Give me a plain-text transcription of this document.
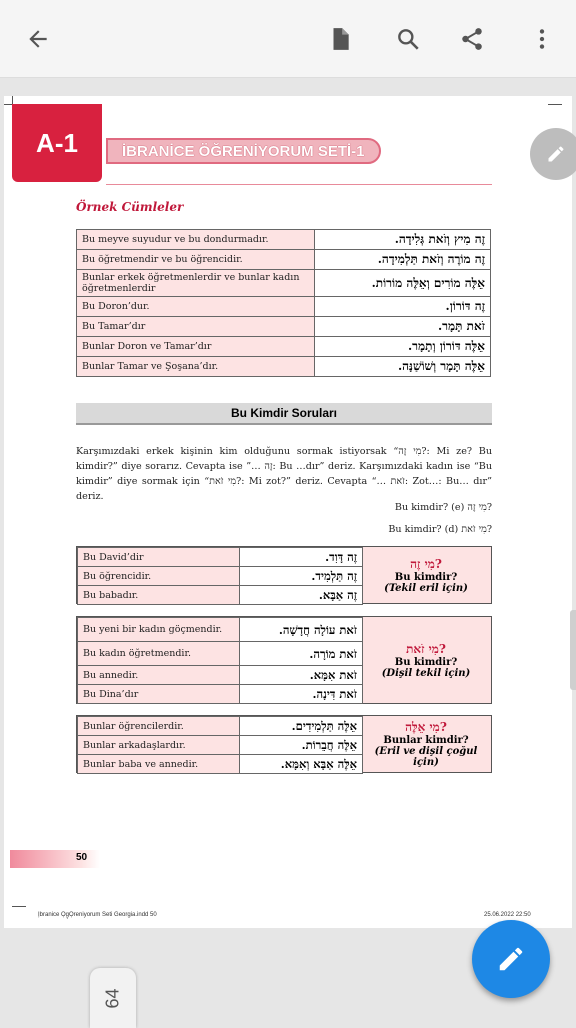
A-1	İBRANİCE ÖĞRENİYORUM SETİ-1
Örnek Cümleler
Bu meyve suyudur ve bu dondurmadır.	זֶה מִיץ וְזֹאת גְּלִידָה.
Bu öğretmendir ve bu öğrencidir.	זֶה מוֹרֶה וְזֹאת תַּלְמִידָה.
Bunlar erkek öğretmenlerdir ve bunlar kadın öğretmenlerdir	אֵלֶּה מוֹרִים וְאֵלֶּה מוֹרוֹת.
Bu Doron’dur.	זֶה דּוֹרוֹן.
Bu Tamar’dır	זֹאת תָּמָר.
Bunlar Doron ve Tamar’dır	אֵלֶּה דּוֹרוֹן וְתָמָר.
Bunlar Tamar ve Şoşana’dır.	אֵלֶּה תָּמָר וְשׁוֹשַׁנָּה.
Bu Kimdir Soruları
Karşımızdaki erkek kişinin kim olduğunu sormak istiyorsak “מִי זֶה?: Mi ze? Bu kimdir?” diye sorarız. Cevapta ise ”… זֶה: Bu …dır” deriz. Karşımızdaki kadın ise “Bu kimdir” diye sormak için “מִי זֹאת?: Mi zot?” deriz. Cevapta “… זֹאת: Zot…: Bu… dır” deriz.
Bu kimdir? (e) מִי זֶה?
Bu kimdir? (d) מִי זֹאת?
Bu David’dir	זֶה דָּוִד.
Bu öğrencidir.	זֶה תַּלְמִיד.
Bu babadır.	זֶה אַבָּא.
מִי זֶה?
Bu kimdir?
(Tekil eril için)
Bu yeni bir kadın göçmendir.	זֹאת עוֹלָה חֲדָשָׁה.
Bu kadın öğretmendir.	זֹאת מוֹרָה.
Bu annedir.	זֹאת אִמָּא.
Bu Dina’dır	זֹאת דִּינָה.
מִי זֹאת?
Bu kimdir?
(Dişil tekil için)
Bunlar öğrencilerdir.	אֵלֶּה תַּלְמִידִים.
Bunlar arkadaşlardır.	אֵלֶּה חֲבֵרוֹת.
Bunlar baba ve annedir.	אֵלֶּה אַבָּא וְאִמָּא.
מִי אֵלֶּה?
Bunlar kimdir?
(Eril ve dişil çoğul için)
50
I͎branice O͎g͎O͎reniyorum Seti Georgia.indd 50	25.06.2022 22:50
64
